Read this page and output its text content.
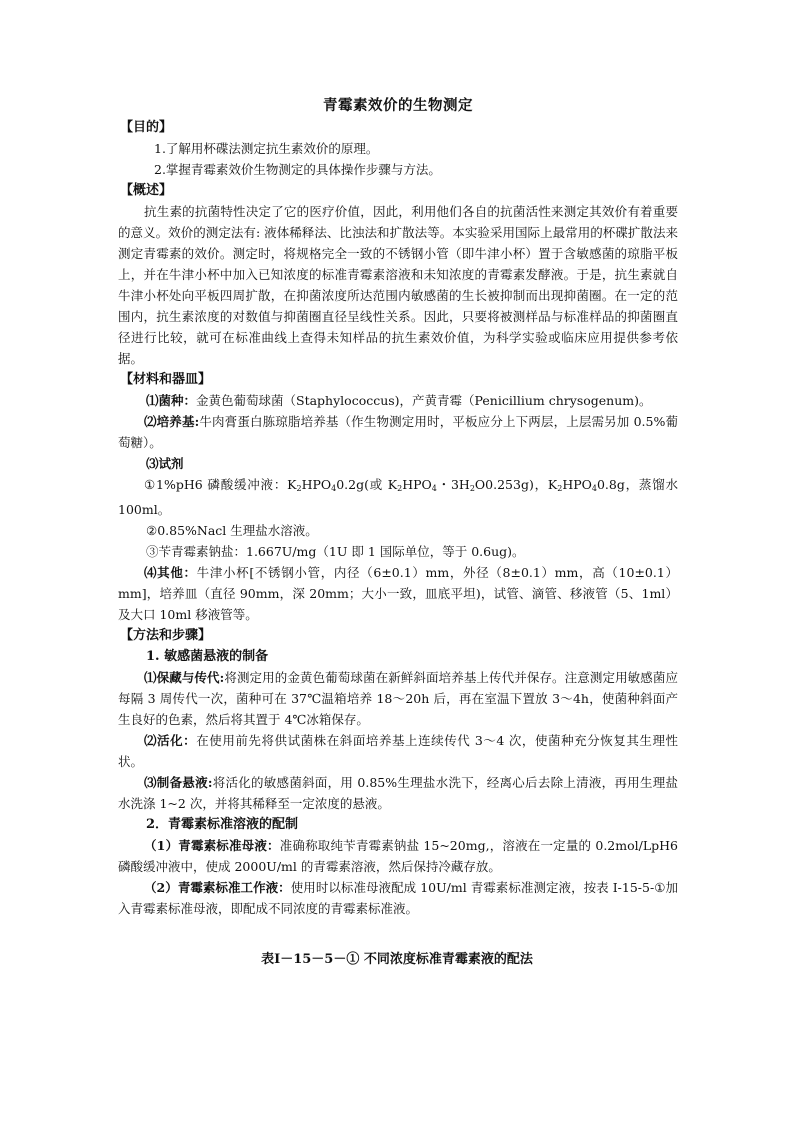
青霉素效价的生物测定
【目的】
1.了解用杯碟法测定抗生素效价的原理。
2.掌握青霉素效价生物测定的具体操作步骤与方法。
【概述】
抗生素的抗菌特性决定了它的医疗价值，因此，利用他们各自的抗菌活性来测定其效价有着重要的意义。效价的测定法有: 液体稀释法、比浊法和扩散法等。本实验采用国际上最常用的杯碟扩散法来测定青霉素的效价。测定时，将规格完全一致的不锈钢小管（即牛津小杯）置于含敏感菌的琼脂平板上，并在牛津小杯中加入已知浓度的标准青霉素溶液和未知浓度的青霉素发酵液。于是，抗生素就自牛津小杯处向平板四周扩散，在抑菌浓度所达范围内敏感菌的生长被抑制而出现抑菌圈。在一定的范围内，抗生素浓度的对数值与抑菌圈直径呈线性关系。因此，只要将被测样品与标准样品的抑菌圈直径进行比较，就可在标准曲线上查得未知样品的抗生素效价值，为科学实验或临床应用提供参考依据。
【材料和器皿】
⑴菌种：金黄色葡萄球菌（Staphylococcus)，产黄青霉（Penicillium chrysogenum)。
⑵培养基:牛肉膏蛋白胨琼脂培养基（作生物测定用时，平板应分上下两层，上层需另加 0.5%葡萄糖）。
⑶试剂
①1%pH6 磷酸缓冲液：$K_2HPO_40.2g$(或 $K_2HPO_4$・$3H_2O0.253g$)，$K_2HPO_40.8g$，蒸馏水 100ml。
②0.85%Nacl 生理盐水溶液。
③苄青霉素钠盐：1.667U/mg（1U 即 1 国际单位，等于 0.6ug)。
⑷其他：牛津小杯[不锈钢小管，内径（6±0.1）mm，外径（8±0.1）mm，高（10±0.1）mm]，培养皿（直径 90mm，深 20mm；大小一致，皿底平坦)，试管、滴管、移液管（5、1ml）及大口 10ml 移液管等。
【方法和步骤】
1. 敏感菌悬液的制备
⑴保藏与传代:将测定用的金黄色葡萄球菌在新鲜斜面培养基上传代并保存。注意测定用敏感菌应每隔 3 周传代一次，菌种可在 37℃温箱培养 18～20h 后，再在室温下置放 3～4h，使菌种斜面产生良好的色素，然后将其置于 4℃冰箱保存。
⑵活化：在使用前先将供试菌株在斜面培养基上连续传代 3～4 次，使菌种充分恢复其生理性状。
⑶制备悬液:将活化的敏感菌斜面，用 0.85%生理盐水洗下，经离心后去除上清液，再用生理盐水洗涤 1~2 次，并将其稀释至一定浓度的悬液。
2．青霉素标准溶液的配制
（1）青霉素标准母液：准确称取纯苄青霉素钠盐 15~20mg,，溶液在一定量的 0.2mol/LpH6 磷酸缓冲液中，使成 2000U/ml 的青霉素溶液，然后保持冷藏存放。
（2）青霉素标准工作液：使用时以标准母液配成 10U/ml 青霉素标准测定液，按表 I-15-5-①加入青霉素标准母液，即配成不同浓度的青霉素标准液。
表Ⅰ－15－5－① 不同浓度标准青霉素液的配法
